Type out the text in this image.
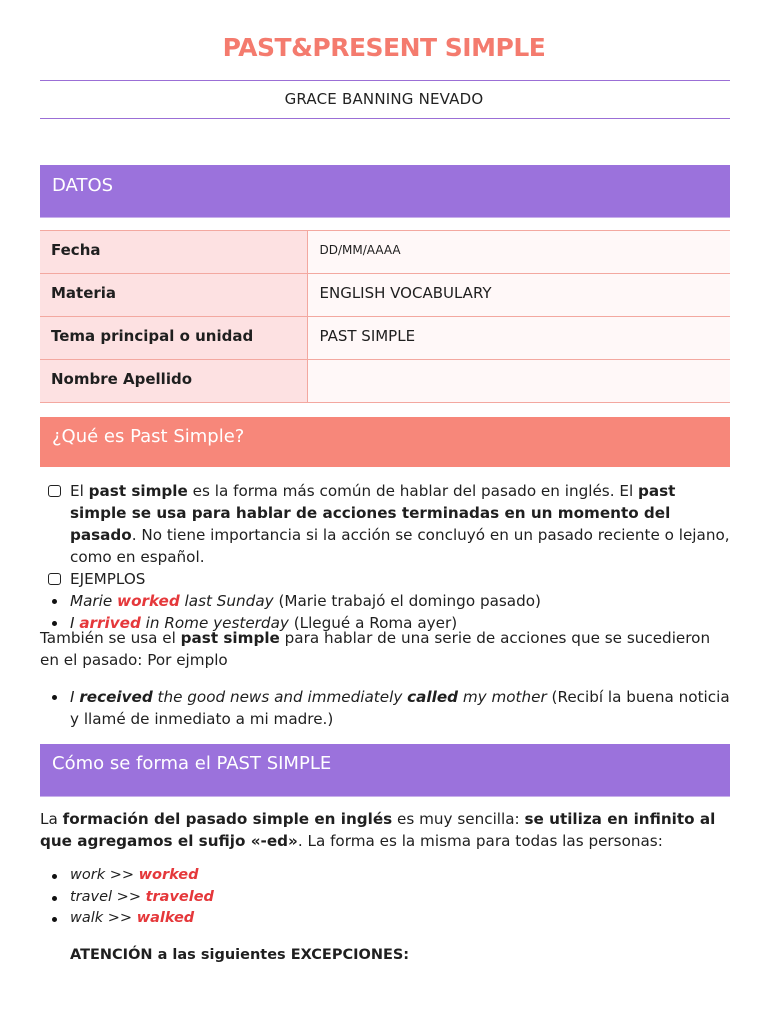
PAST&PRESENT SIMPLE
GRACE BANNING NEVADO
DATOS
Fecha	DD/MM/AAAA
Materia	ENGLISH VOCABULARY
Tema principal o unidad	PAST SIMPLE
Nombre Apellido	
¿Qué es Past Simple?
El past simple es la forma más común de hablar del pasado en inglés. El past simple se usa para hablar de acciones terminadas en un momento del pasado. No tiene importancia si la acción se concluyó en un pasado reciente o lejano, como en español.
EJEMPLOS
Marie worked last Sunday (Marie trabajó el domingo pasado)
I arrived in Rome yesterday (Llegué a Roma ayer)
También se usa el past simple para hablar de una serie de acciones que se sucedieron en el pasado: Por ejmplo
I received the good news and immediately called my mother (Recibí la buena noticia y llamé de inmediato a mi madre.)
Cómo se forma el PAST SIMPLE
La formación del pasado simple en inglés es muy sencilla: se utiliza en infinito al que agregamos el sufijo «-ed». La forma es la misma para todas las personas:
work >> worked
travel >> traveled
walk >> walked
ATENCIÓN a las siguientes EXCEPCIONES:
